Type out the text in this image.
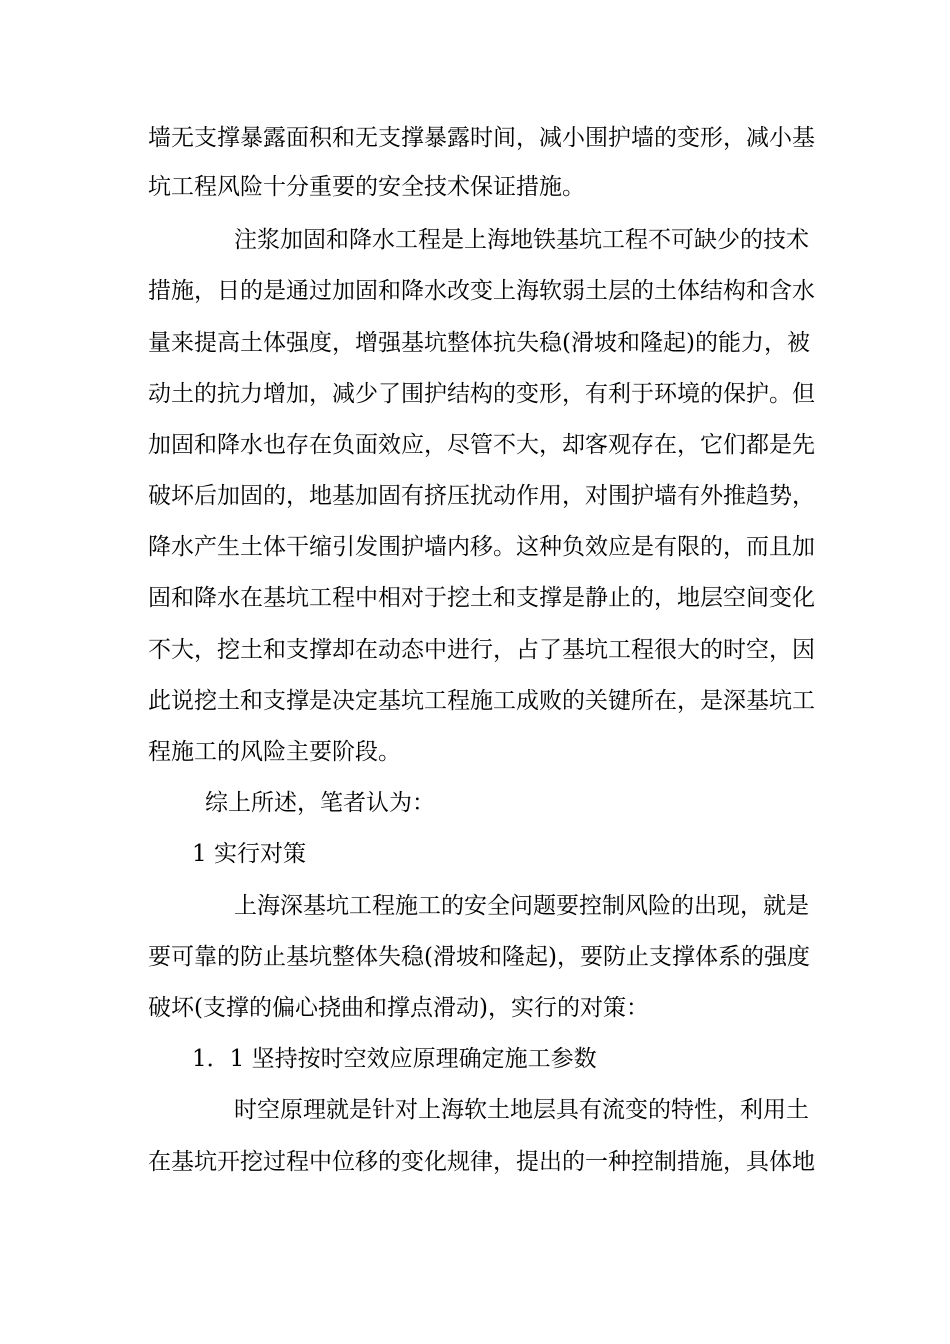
墙无支撑暴露面积和无支撑暴露时间，减小围护墙的变形，减小基
坑工程风险十分重要的安全技术保证措施。
注浆加固和降水工程是上海地铁基坑工程不可缺少的技术
措施，日的是通过加固和降水改变上海软弱土层的土体结构和含水
量来提高土体强度，增强基坑整体抗失稳(滑坡和隆起)的能力，被
动土的抗力增加，减少了围护结构的变形，有利于环境的保护。但
加固和降水也存在负面效应，尽管不大，却客观存在，它们都是先
破坏后加固的，地基加固有挤压扰动作用，对围护墙有外推趋势，
降水产生土体干缩引发围护墙内移。这种负效应是有限的，而且加
固和降水在基坑工程中相对于挖土和支撑是静止的，地层空间变化
不大，挖土和支撑却在动态中进行，占了基坑工程很大的时空，因
此说挖土和支撑是决定基坑工程施工成败的关键所在，是深基坑工
程施工的风险主要阶段。
综上所述，笔者认为：
1 实行对策
上海深基坑工程施工的安全问题要控制风险的出现，就是
要可靠的防止基坑整体失稳(滑坡和隆起)，要防止支撑体系的强度
破坏(支撑的偏心挠曲和撑点滑动)，实行的对策：
1．1 坚持按时空效应原理确定施工参数
时空原理就是针对上海软土地层具有流变的特性，利用土
在基坑开挖过程中位移的变化规律，提出的一种控制措施，具体地
